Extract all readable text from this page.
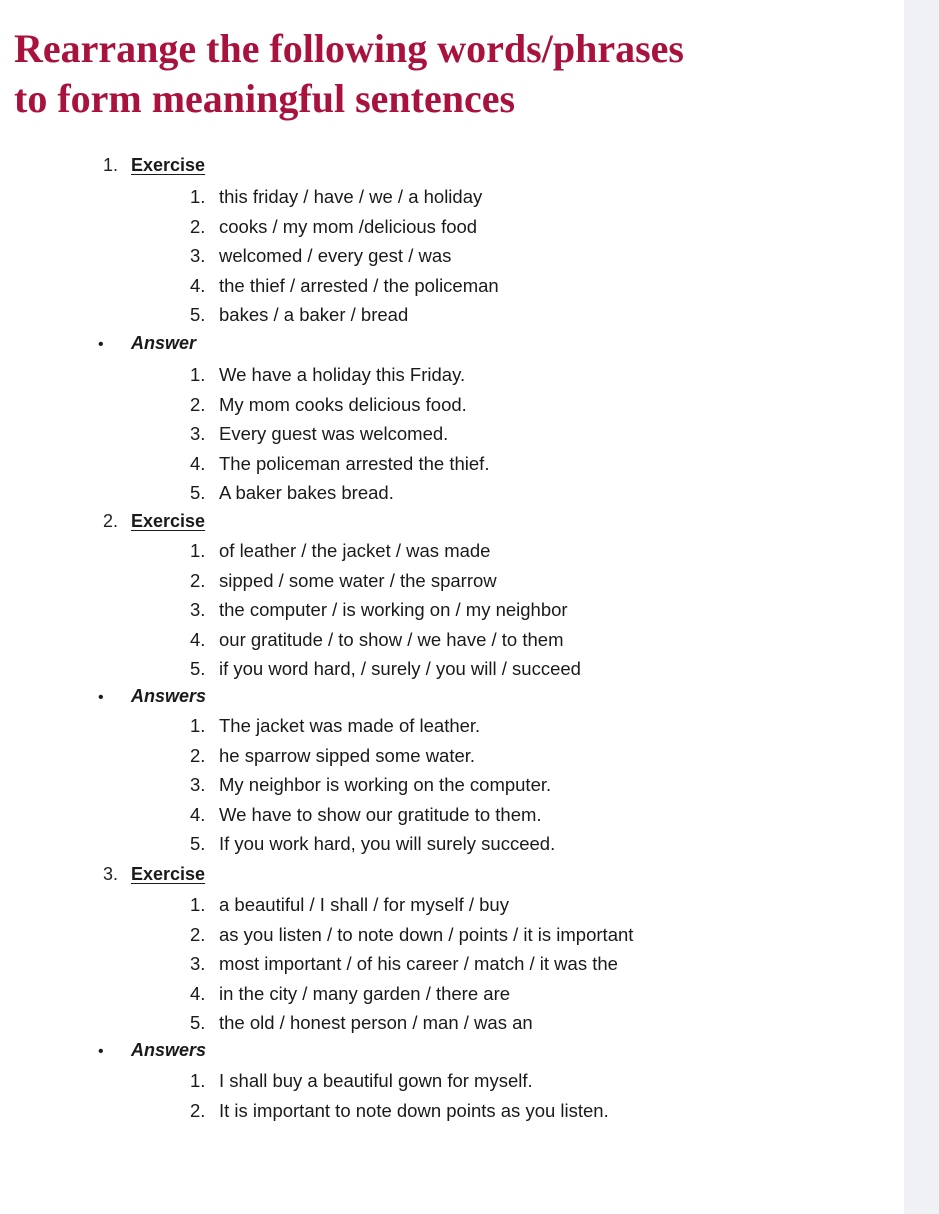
Rearrange the following words/phrases
to form meaningful sentences
1. Exercise
1. this friday / have / we / a holiday
2. cooks / my mom /delicious food
3. welcomed / every gest / was
4. the thief / arrested / the policeman
5. bakes / a baker / bread
• Answer
1. We have a holiday this Friday.
2. My mom cooks delicious food.
3. Every guest was welcomed.
4. The policeman arrested the thief.
5. A baker bakes bread.
2. Exercise
1. of leather / the jacket / was made
2. sipped / some water / the sparrow
3. the computer / is working on / my neighbor
4. our gratitude / to show / we have / to them
5. if you word hard, / surely / you will / succeed
• Answers
1. The jacket was made of leather.
2. he sparrow sipped some water.
3. My neighbor is working on the computer.
4. We have to show our gratitude to them.
5. If you work hard, you will surely succeed.
3. Exercise
1. a beautiful / I shall / for myself / buy
2. as you listen / to note down / points / it is important
3. most important / of his career / match / it was the
4. in the city / many garden / there are
5. the old / honest person / man / was an
• Answers
1. I shall buy a beautiful gown for myself.
2. It is important to note down points as you listen.
